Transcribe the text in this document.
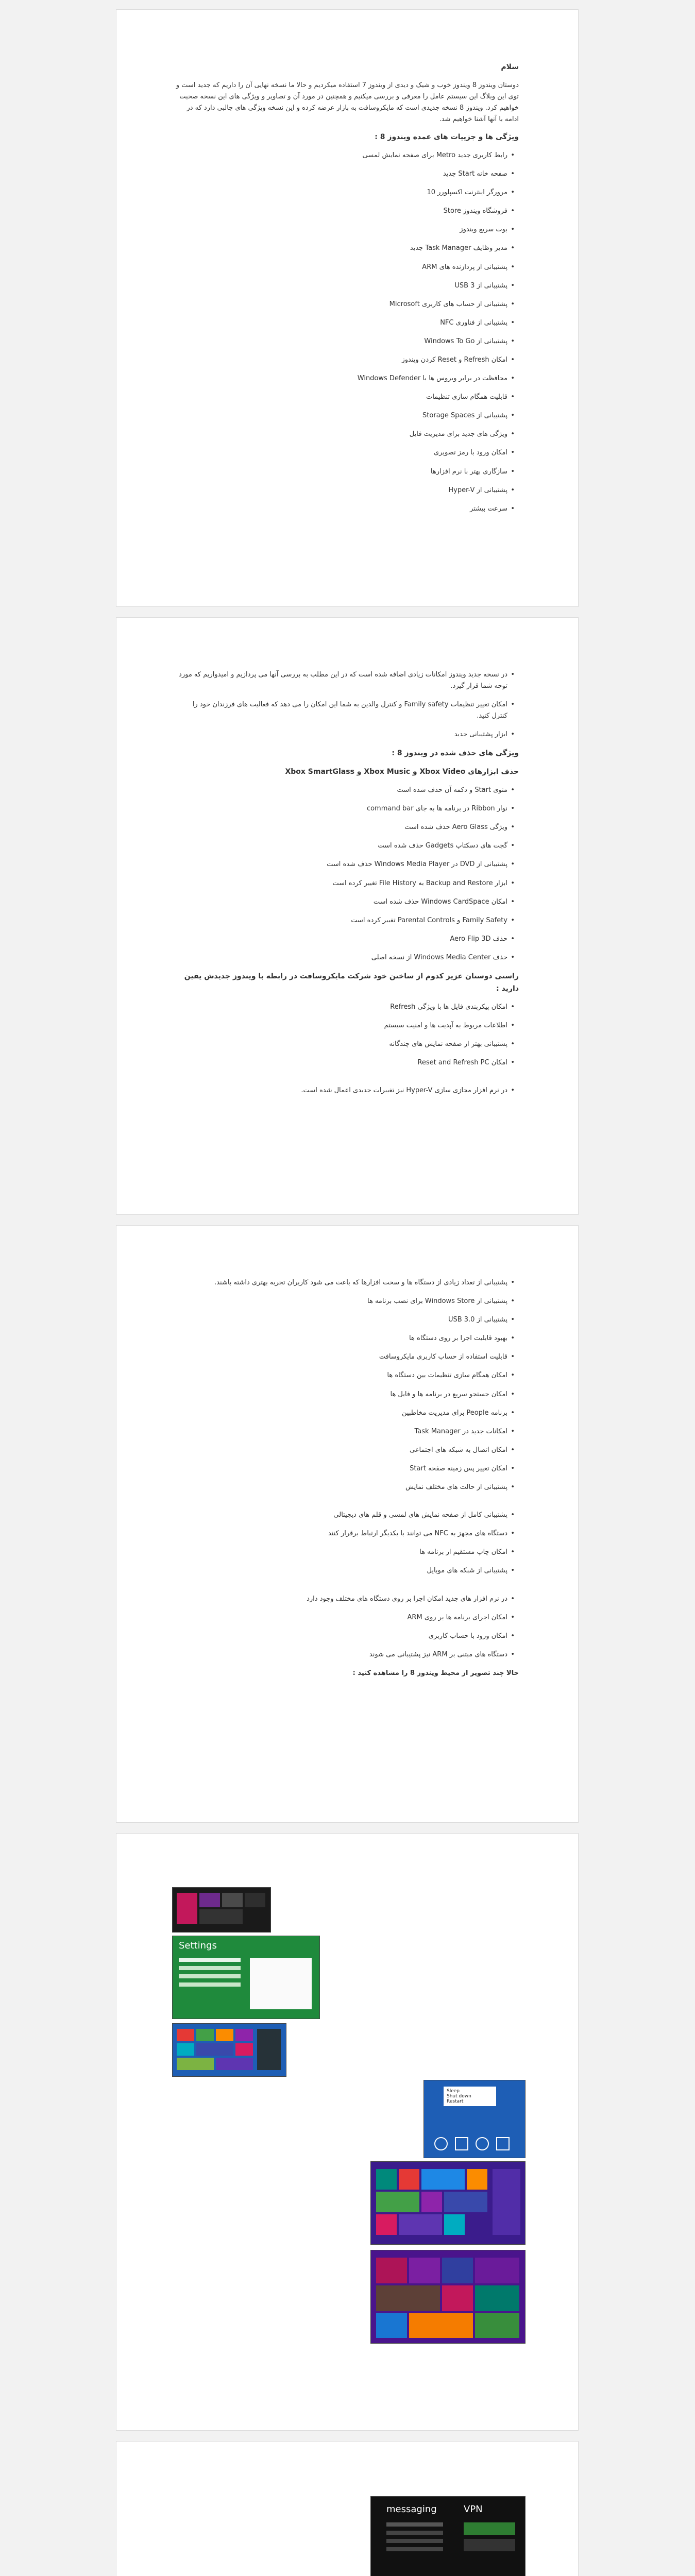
سلام

دوستان ویندوز 8 ویندوز خوب و شیک و دیدی از ویندوز 7 استفاده میکردیم و حالا ما نسخه نهایی آن را داریم که جدید است و توی این وبلاگ این سیستم عامل را معرفی و بررسی میکنیم و همچنین در مورد آن و تصاویر و ویژگی های این نسخه صحبت خواهیم کرد. ویندوز 8 نسخه جدیدی است که مایکروسافت به بازار عرضه کرده و این نسخه ویژگی های جالبی دارد که در ادامه با آنها آشنا خواهیم شد.

ویژگی ها و جزییات های عمده ویندوز 8 :

• رابط کاربری جدید Metro برای صفحه نمایش لمسی
• صفحه خانه Start جدید
• مرورگر اینترنت اکسپلورر 10
• فروشگاه ویندوز Store
• بوت سریع ویندوز
• مدیر وظایف Task Manager جدید
• پشتیبانی از پردازنده های ARM
• پشتیبانی از USB 3
• پشتیبانی از حساب های کاربری Microsoft
• پشتیبانی از فناوری NFC
• پشتیبانی از Windows To Go
• امکان Refresh و Reset کردن ویندوز
• محافظت در برابر ویروس ها با Windows Defender
• قابلیت همگام سازی تنظیمات
• پشتیبانی از Storage Spaces
• ویژگی های جدید برای مدیریت فایل
• امکان ورود با رمز تصویری
• سازگاری بهتر با نرم افزارها
• پشتیبانی از Hyper-V
• سرعت بیشتر
• در نسخه جدید ویندوز امکانات زیادی اضافه شده است که در این مطلب به بررسی آنها می پردازیم و امیدواریم که مورد توجه شما قرار گیرد.
• امکان تغییر تنظیمات Family safety و کنترل والدین به شما این امکان را می دهد که فعالیت های فرزندان خود را کنترل کنید.
• ابزار پشتیبانی جدید

ویژگی های حذف شده در ویندوز 8 :

حذف ابزارهای Xbox Video و Xbox Music و Xbox SmartGlass

• منوی Start و دکمه آن حذف شده است
• نوار Ribbon در برنامه ها به جای command bar
• ویژگی Aero Glass حذف شده است
• گجت های دسکتاپ Gadgets حذف شده است
• پشتیبانی از DVD در Windows Media Player حذف شده است
• ابزار Backup and Restore به File History تغییر کرده است
• امکان Windows CardSpace حذف شده است
• Family Safety و Parental Controls تغییر کرده است
• حذف Aero Flip 3D
• حذف Windows Media Center از نسخه اصلی

راستی دوستان عزیز کدوم از ساختن خود شرکت مایکروسافت در رابطه با ویندوز جدیدش یقین دارید :

• امکان پیکربندی فایل ها با ویژگی Refresh
• اطلاعات مربوط به آپدیت ها و امنیت سیستم
• پشتیبانی بهتر از صفحه نمایش های چندگانه
• امکان Reset and Refresh PC
• در نرم افزار مجازی سازی Hyper-V نیز تغییرات جدیدی اعمال شده است.
• پشتیبانی از تعداد زیادی از دستگاه ها و سخت افزارها که باعث می شود کاربران تجربه بهتری داشته باشند.
• پشتیبانی از Windows Store برای نصب برنامه ها
• پشتیبانی از USB 3.0
• بهبود قابلیت اجرا بر روی دستگاه ها
• قابلیت استفاده از حساب کاربری مایکروسافت
• امکان همگام سازی تنظیمات بین دستگاه ها
• امکان جستجو سریع در برنامه ها و فایل ها
• برنامه People برای مدیریت مخاطبین
• امکانات جدید در Task Manager
• امکان اتصال به شبکه های اجتماعی
• امکان تغییر پس زمینه صفحه Start
• پشتیبانی از حالت های مختلف نمایش
• پشتیبانی کامل از صفحه نمایش های لمسی و قلم های دیجیتالی
• دستگاه های مجهز به NFC می توانند با یکدیگر ارتباط برقرار کنند
• امکان چاپ مستقیم از برنامه ها
• پشتیبانی از شبکه های موبایل
• در نرم افزار های جدید امکان اجرا بر روی دستگاه های مختلف وجود دارد
• امکان اجرای برنامه ها بر روی ARM
• امکان ورود با حساب کاربری
• دستگاه های مبتنی بر ARM نیز پشتیبانی می شوند

حالا چند تصویر از محیط ویندوز 8 را مشاهده کنید :

Settings
Sleep
Shut down
Restart
messaging	VPN
